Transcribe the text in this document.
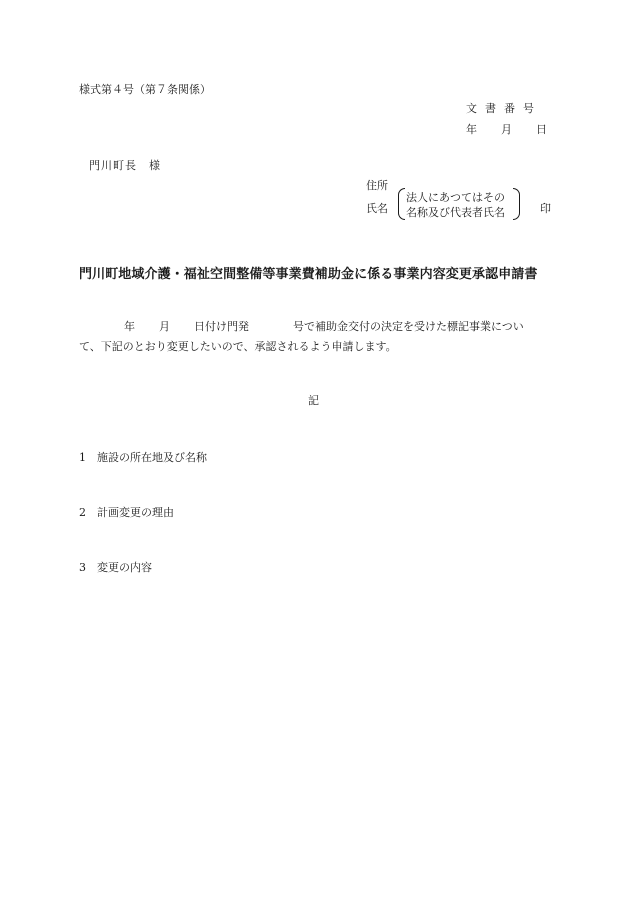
様式第４号（第７条関係）
文書番号
年 月 日
門川町長　様
住所
氏名
法人にあつてはその
名称及び代表者氏名	印
門川町地域介護・福祉空間整備等事業費補助金に係る事業内容変更承認申請書
年 月 日付け門発	号で補助金交付の決定を受けた標記事業につい
て、下記のとおり変更したいので、承認されるよう申請します。
記
1 施設の所在地及び名称
2 計画変更の理由
3 変更の内容
